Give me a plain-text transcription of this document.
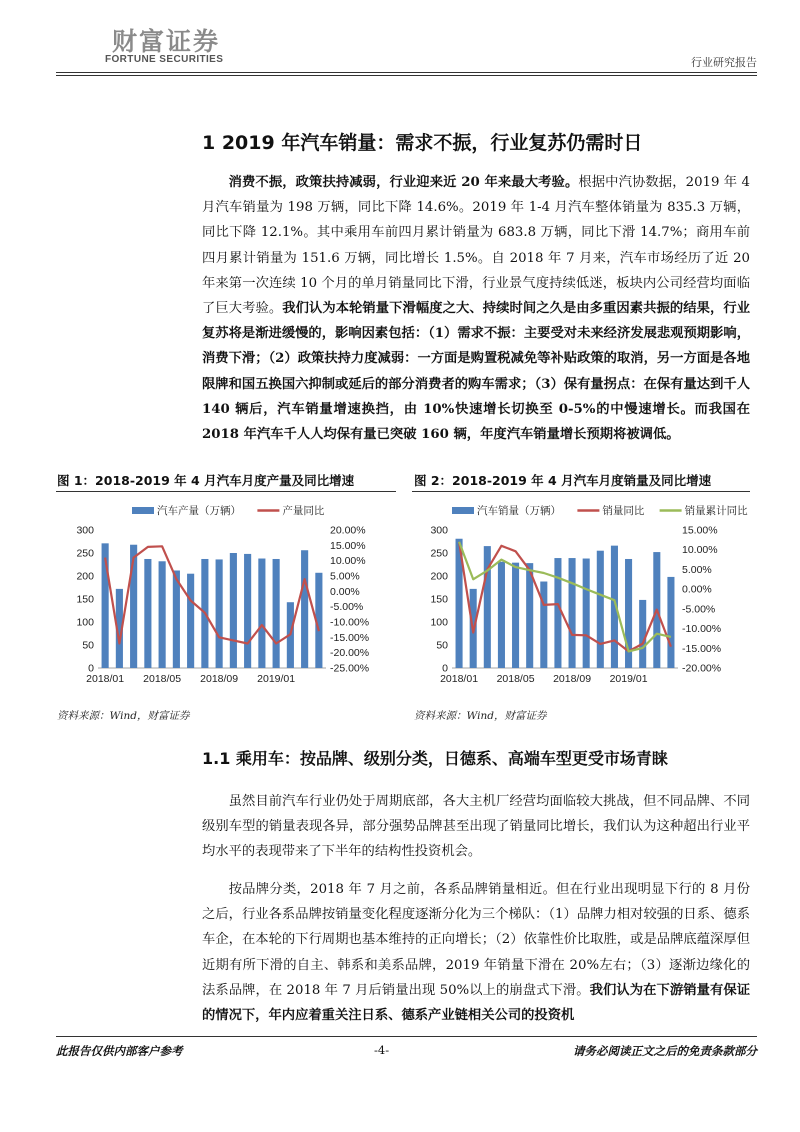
财富证券
FORTUNE SECURITIES	行业研究报告
1 2019 年汽车销量：需求不振，行业复苏仍需时日
消费不振，政策扶持减弱，行业迎来近 20 年来最大考验。根据中汽协数据，2019 年 4 月汽车销量为 198 万辆，同比下降 14.6%。2019 年 1-4 月汽车整体销量为 835.3 万辆，同比下降 12.1%。其中乘用车前四月累计销量为 683.8 万辆，同比下滑 14.7%；商用车前四月累计销量为 151.6 万辆，同比增长 1.5%。自 2018 年 7 月来，汽车市场经历了近 20 年来第一次连续 10 个月的单月销量同比下滑，行业景气度持续低迷，板块内公司经营均面临了巨大考验。我们认为本轮销量下滑幅度之大、持续时间之久是由多重因素共振的结果，行业复苏将是渐进缓慢的，影响因素包括：（1）需求不振：主要受对未来经济发展悲观预期影响，消费下滑；（2）政策扶持力度减弱：一方面是购置税减免等补贴政策的取消，另一方面是各地限牌和国五换国六抑制或延后的部分消费者的购车需求；（3）保有量拐点：在保有量达到千人 140 辆后，汽车销量增速换挡，由 10%快速增长切换至 0-5%的中慢速增长。而我国在 2018 年汽车千人人均保有量已突破 160 辆，年度汽车销量增长预期将被调低。
图 1：2018-2019 年 4 月汽车月度产量及同比增速
0
50
100
150
200
250
300	20.00%
15.00%
10.00%
5.00%
0.00%
-5.00%
-10.00%
-15.00%
-20.00%
-25.00%
2018/01 2018/05 2018/09 2019/01
汽车产量（万辆）	产量同比
资料来源：Wind，财富证券
图 2：2018-2019 年 4 月汽车月度销量及同比增速
0
50
100
150
200
250
300	15.00%
10.00%
5.00%
0.00%
-5.00%
-10.00%
-15.00%
-20.00%
2018/01 2018/05 2018/09 2019/01
汽车销量（万辆）	销量同比	销量累计同比
资料来源：Wind，财富证券
1.1 乘用车：按品牌、级别分类，日德系、高端车型更受市场青睐
虽然目前汽车行业仍处于周期底部，各大主机厂经营均面临较大挑战，但不同品牌、不同级别车型的销量表现各异，部分强势品牌甚至出现了销量同比增长，我们认为这种超出行业平均水平的表现带来了下半年的结构性投资机会。
按品牌分类，2018 年 7 月之前，各系品牌销量相近。但在行业出现明显下行的 8 月份之后，行业各系品牌按销量变化程度逐渐分化为三个梯队：（1）品牌力相对较强的日系、德系车企，在本轮的下行周期也基本维持的正向增长；（2）依靠性价比取胜，或是品牌底蕴深厚但近期有所下滑的自主、韩系和美系品牌，2019 年销量下滑在 20%左右；（3）逐渐边缘化的法系品牌，在 2018 年 7 月后销量出现 50%以上的崩盘式下滑。我们认为在下游销量有保证的情况下，年内应着重关注日系、德系产业链相关公司的投资机
此报告仅供内部客户参考	-4-	请务必阅读正文之后的免责条款部分
